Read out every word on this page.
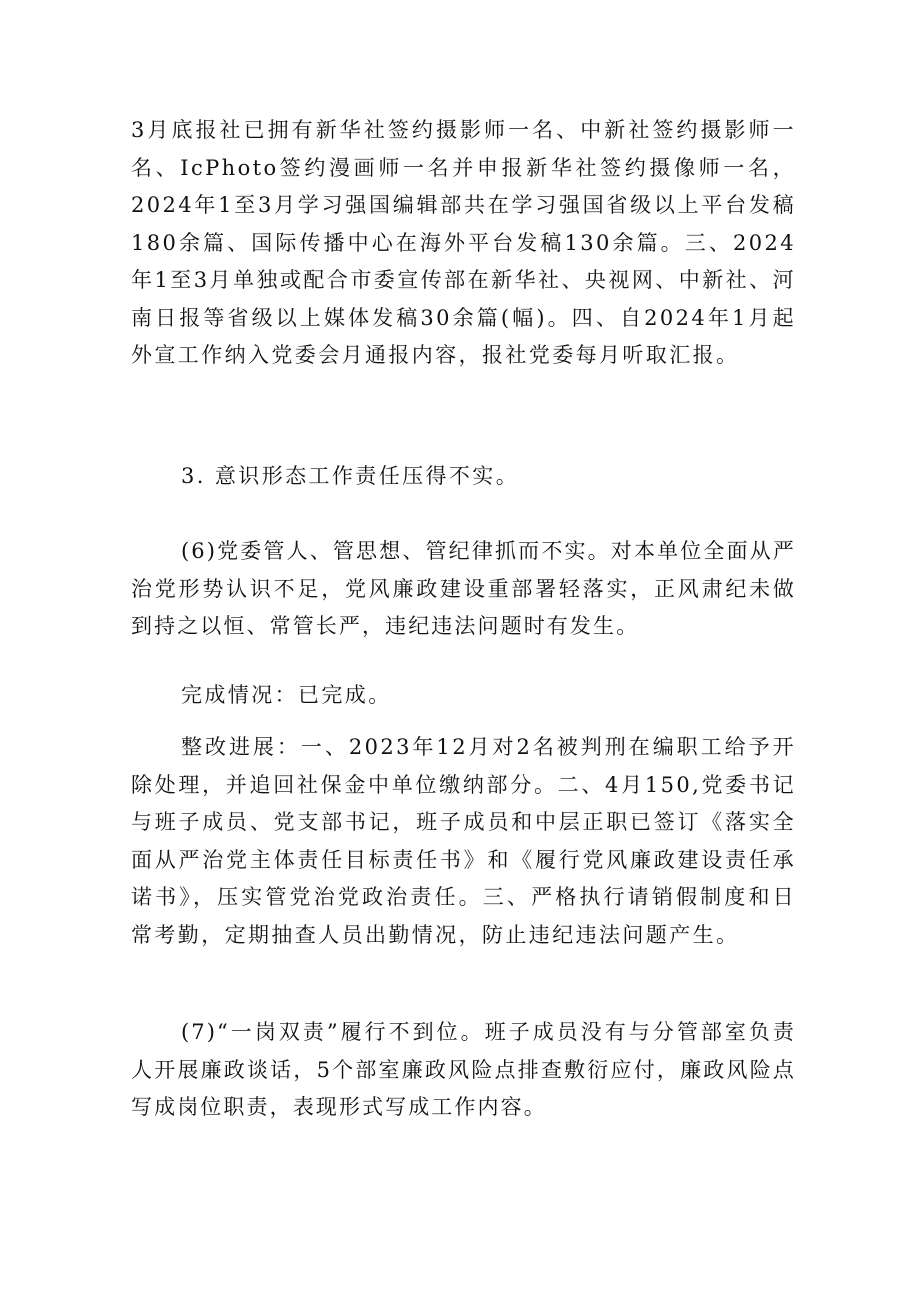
3月底报社已拥有新华社签约摄影师一名、中新社签约摄影师一名、IcPhoto签约漫画师一名并申报新华社签约摄像师一名，2024年1至3月学习强国编辑部共在学习强国省级以上平台发稿180余篇、国际传播中心在海外平台发稿130余篇。三、2024年1至3月单独或配合市委宣传部在新华社、央视网、中新社、河南日报等省级以上媒体发稿30余篇(幅)。四、自2024年1月起外宣工作纳入党委会月通报内容，报社党委每月听取汇报。

3. 意识形态工作责任压得不实。

(6)党委管人、管思想、管纪律抓而不实。对本单位全面从严治党形势认识不足，党风廉政建设重部署轻落实，正风肃纪未做到持之以恒、常管长严，违纪违法问题时有发生。

完成情况：已完成。

整改进展：一、2023年12月对2名被判刑在编职工给予开除处理，并追回社保金中单位缴纳部分。二、4月150,党委书记与班子成员、党支部书记，班子成员和中层正职已签订《落实全面从严治党主体责任目标责任书》和《履行党风廉政建设责任承诺书》，压实管党治党政治责任。三、严格执行请销假制度和日常考勤，定期抽查人员出勤情况，防止违纪违法问题产生。

(7)“一岗双责”履行不到位。班子成员没有与分管部室负责人开展廉政谈话，5个部室廉政风险点排查敷衍应付，廉政风险点写成岗位职责，表现形式写成工作内容。
